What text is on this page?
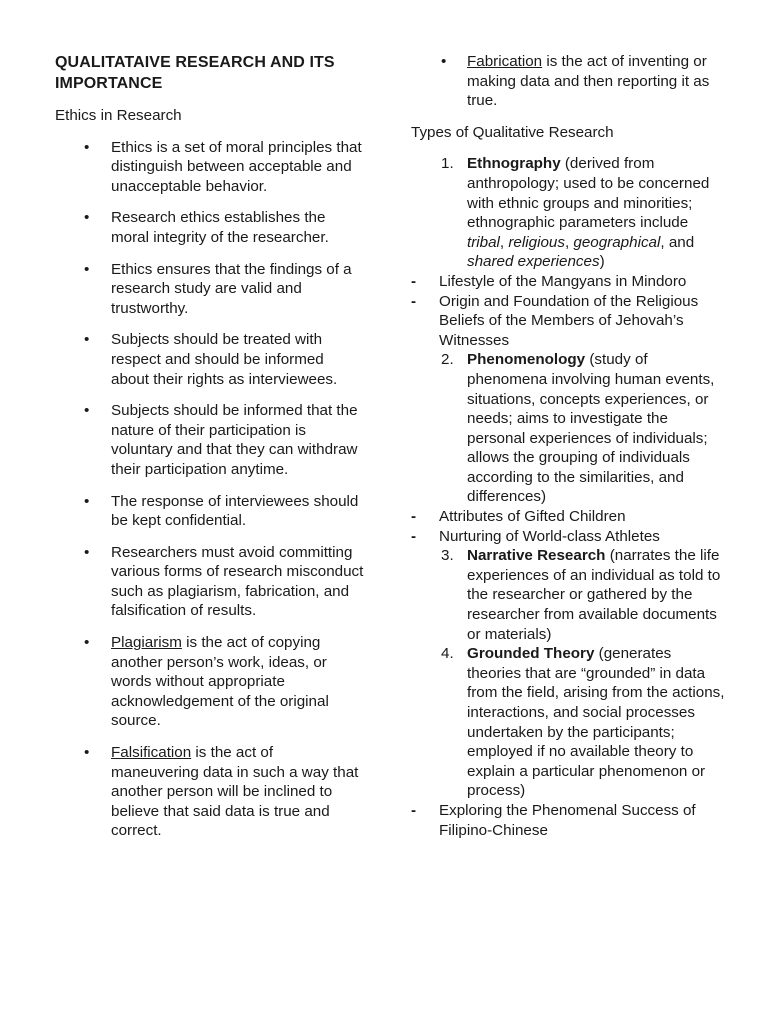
QUALITATAIVE RESEARCH AND ITS IMPORTANCE
Ethics in Research
• Ethics is a set of moral principles that distinguish between acceptable and unacceptable behavior.
• Research ethics establishes the moral integrity of the researcher.
• Ethics ensures that the findings of a research study are valid and trustworthy.
• Subjects should be treated with respect and should be informed about their rights as interviewees.
• Subjects should be informed that the nature of their participation is voluntary and that they can withdraw their participation anytime.
• The response of interviewees should be kept confidential.
• Researchers must avoid committing various forms of research misconduct such as plagiarism, fabrication, and falsification of results.
• Plagiarism is the act of copying another person’s work, ideas, or words without appropriate acknowledgement of the original source.
• Falsification is the act of maneuvering data in such a way that another person will be inclined to believe that said data is true and correct.
• Fabrication is the act of inventing or making data and then reporting it as true.
Types of Qualitative Research
1. Ethnography (derived from anthropology; used to be concerned with ethnic groups and minorities; ethnographic parameters include tribal, religious, geographical, and shared experiences)
- Lifestyle of the Mangyans in Mindoro
- Origin and Foundation of the Religious Beliefs of the Members of Jehovah’s Witnesses
2. Phenomenology (study of phenomena involving human events, situations, concepts experiences, or needs; aims to investigate the personal experiences of individuals; allows the grouping of individuals according to the similarities, and differences)
- Attributes of Gifted Children
- Nurturing of World-class Athletes
3. Narrative Research (narrates the life experiences of an individual as told to the researcher or gathered by the researcher from available documents or materials)
4. Grounded Theory (generates theories that are “grounded” in data from the field, arising from the actions, interactions, and social processes undertaken by the participants; employed if no available theory to explain a particular phenomenon or process)
- Exploring the Phenomenal Success of Filipino-Chinese
